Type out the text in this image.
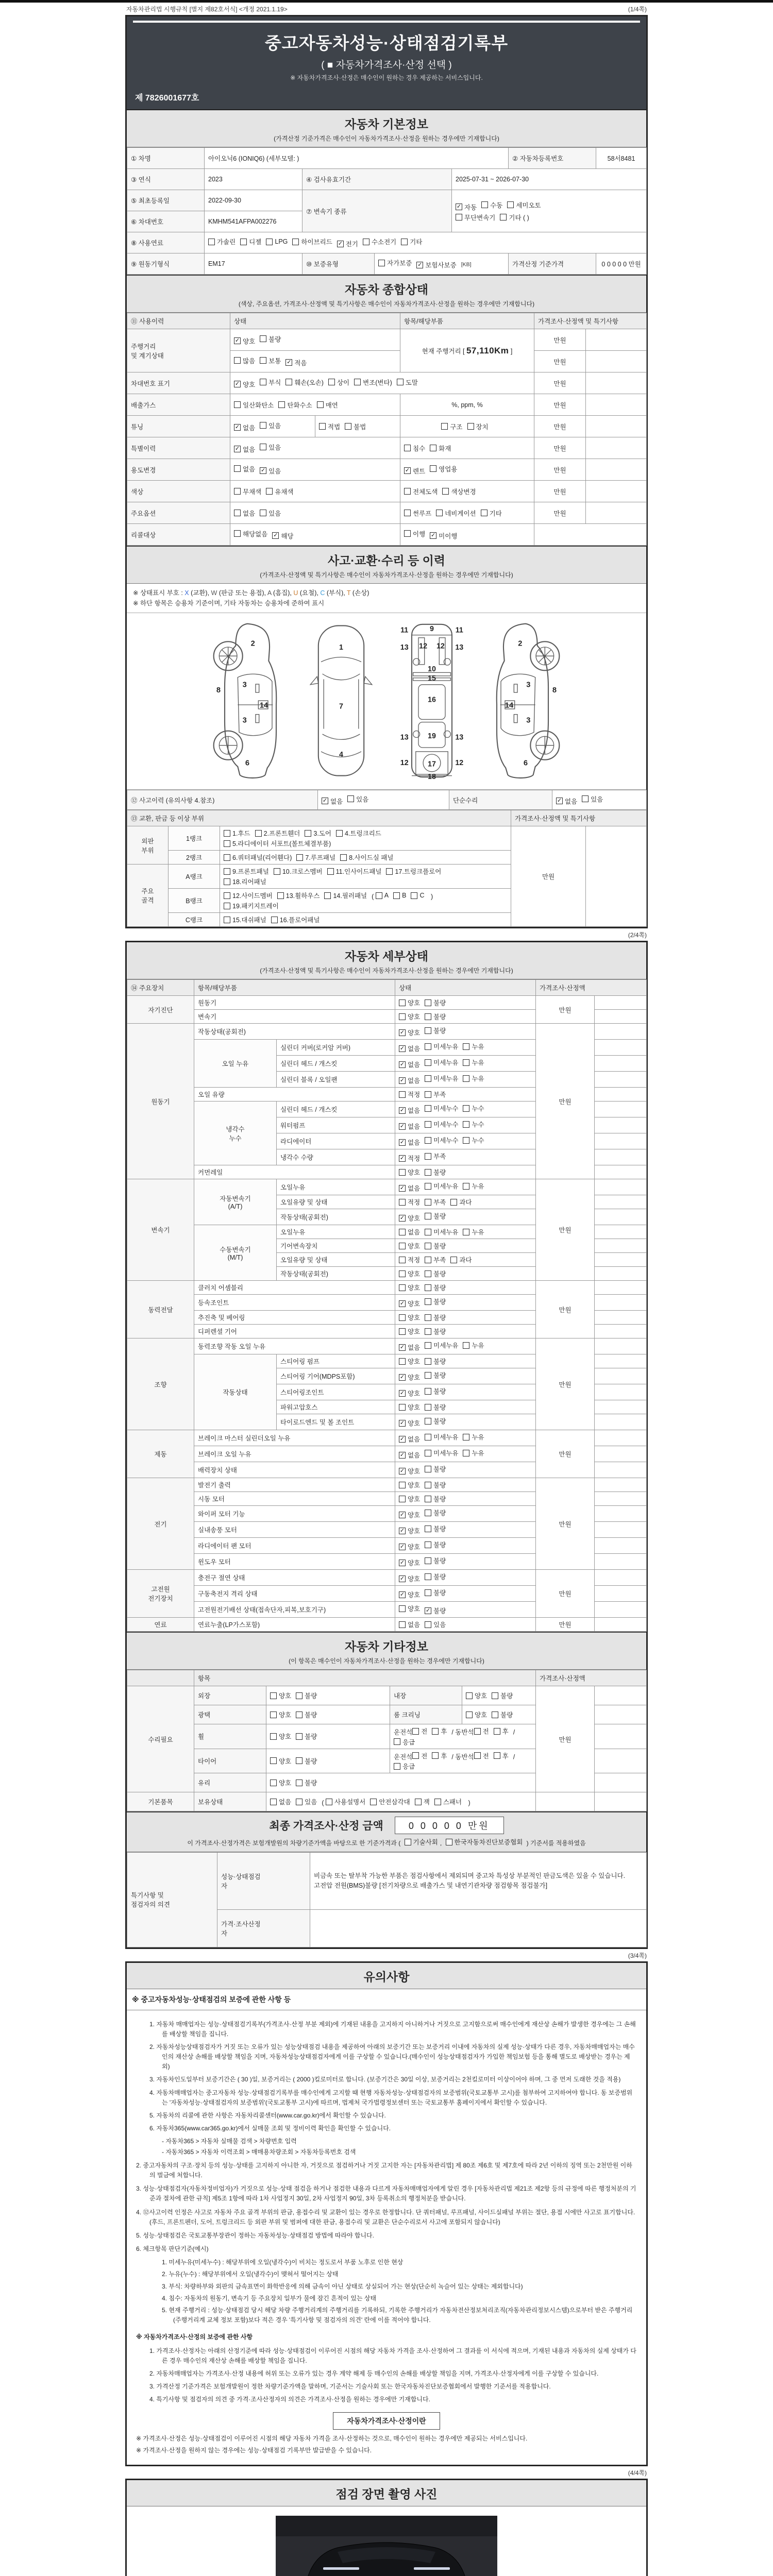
자동차관리법 시행규칙 [별지 제82호서식] <개정 2021.1.19>	(1/4쪽)
중고자동차성능·상태점검기록부
( ■ 자동차가격조사·산정 선택 )
※ 자동차가격조사·산정은 매수인이 원하는 경우 제공하는 서비스입니다.
제 7826001677호
자동차 기본정보
(가격산정 기준가격은 매수인이 자동차가격조사·산정을 원하는 경우에만 기재합니다)
① 차명	아이오닉6 (IONIQ6) (세부모델: )				② 자동차등록번호	58서8481
③ 연식	2023	④ 검사유효기간		2025-07-31 ~ 2026-07-30		
⑤ 최초등록일	2022-09-30	⑦ 변속기 종류	
✓ 자동 수동 세미오토

무단변속기 기타 ( )

⑥ 차대번호	KMHM541AFPA002276					
⑧ 사용연료	가솔린 디젤 LPG 하이브리드 ✓ 전기 수소전기 기타

⑨ 원동기형식	EM17	⑩ 보증유형	자가보증 ✓ 보험사보증 [KB]		가격산정 기준가격	0 0 0 0 0 만원
자동차 종합상태
(색상, 주요옵션, 가격조사·산정액 및 특기사항은 매수인이 자동차가격조사·산정을 원하는 경우에만 기재합니다)
⑪ 사용이력	상태		항목/해당부품	가격조사·산정액 및 특기사항	
주행거리
및 계기상태	✓ 양호 불량		현재 주행거리 [ 57,110Km ]	만원	

	많음 보통 ✓ 적음			만원	
차대번호 표기	✓ 양호 부식 훼손(오손) 상이 변조(변타) 도말	만원	
배출가스	일산화탄소 탄화수소 매연		%, ppm, %	만원	
튜닝	✓ 없음 있음	적법 불법	구조 장치	만원	
특별이력	✓ 없음 있음		침수 화재	만원	
용도변경	없음 ✓ 있음		✓ 렌트 영업용	만원	
색상	무채색 유채색		전체도색 색상변경	만원	
주요옵션	없음 있음		썬루프 네비게이션 기타	만원	
리콜대상	해당없음 ✓ 해당		이행 ✓ 미이행		

사고·교환·수리 등 이력
(가격조사·산정액 및 특기사항은 매수인이 자동차가격조사·산정을 원하는 경우에만 기재합니다)
※ 상태표시 부호 : X (교환), W (판금 또는 용접), A (흠집), U (요철), C (부식), T (손상)
※ 하단 항목은 승용차 기준이며, 기타 자동차는 승용차에 준하여 표시
2
8
3
3
14
6
1
7
4
11	9	11
13	13
12 12
10
15
16
13	19	13
12	17	12
18
2
8
3
3
14
6
⑫ 사고이력 (유의사항 4.참조)	✓ 없음 있음	단순수리	✓ 없음 있음
⑬ 교환, 판금 등 이상 부위			가격조사·산정액 및 특기사항	
외판
부위	1랭크	1.후드 2.프론트휀더 3.도어 4.트렁크리드

5.라디에이터 서포트(볼트체결부품)	만원	
	2랭크	6.쿼터패널(리어휀다) 7.루프패널 8.사이드실 패널		

주요
골격	A랭크	9.프론트패널 10.크로스멤버 11.인사이드패널 17.트렁크플로어

18.리어패널		

B랭크	
12.사이드멤버 13.휠하우스 14.필러패널 ( A B C )

19.패키지트레이

	C랭크	15.대쉬패널 16.플로어패널		
(2/4쪽)
자동차 세부상태
(가격조사·산정액 및 특기사항은 매수인이 자동차가격조사·산정을 원하는 경우에만 기재합니다)
⑭ 주요장치	항목/해당부품		상태	가격조사·산정액	
자기진단	원동기		양호 불량	만원	
	변속기		양호 불량		

원동기	작동상태(공회전)		✓ 양호 불량	만원	
	오일 누유	실린더 커버(로커암 커버)	✓ 없음 미세누유 누유		

		실린더 헤드 / 개스킷	✓ 없음 미세누유 누유		

		실린더 블록 / 오일팬	✓ 없음 미세누유 누유		

	오일 유량		적정 부족		

	냉각수
누수	실린더 헤드 / 개스킷	✓ 없음 미세누수 누수		

		워터펌프	✓ 없음 미세누수 누수		

		라디에이터	✓ 없음 미세누수 누수		

		냉각수 수량	✓ 적정 부족		

	커먼레일		양호 불량		

변속기	자동변속기
(A/T)	오일누유	✓ 없음 미세누유 누유	만원	
		오일유량 및 상태	적정 부족 과다		

		작동상태(공회전)	✓ 양호 불량		

	수동변속기
(M/T)	오일누유	없음 미세누유 누유		

		기어변속장치	양호 불량		

		오일유량 및 상태	적정 부족 과다		

		작동상태(공회전)	양호 불량		

동력전달	클러치 어셈블리		양호 불량	만원	
	등속조인트		✓ 양호 불량		

	추진축 및 베어링		양호 불량		

	디퍼렌셜 기어		양호 불량		

조향	동력조향 작동 오일 누유		✓ 없음 미세누유 누유	만원	
	작동상태	스티어링 펌프	양호 불량		

		스티어링 기어(MDPS포함)	✓ 양호 불량		

		스티어링조인트	✓ 양호 불량		

		파워고압호스	양호 불량		

		타이로드엔드 및 볼 조인트	✓ 양호 불량		

제동	브레이크 마스터 실린더오일 누유		✓ 없음 미세누유 누유	만원	
	브레이크 오일 누유		✓ 없음 미세누유 누유		

	배력장치 상태		✓ 양호 불량		

전기	발전기 출력		양호 불량	만원	
	시동 모터		양호 불량		

	와이퍼 모터 기능		✓ 양호 불량		

	실내송풍 모터		✓ 양호 불량		

	라디에이터 팬 모터		✓ 양호 불량		

	윈도우 모터		✓ 양호 불량		

고전원
전기장치	충전구 절연 상태		✓ 양호 불량	만원	
	구동축전지 격리 상태		✓ 양호 불량		

	고전원전기배선 상태(접속단자,피복,보호기구)		양호 ✓ 불량		

연료	연료누출(LP가스포함)		없음 있음	만원	
자동차 기타정보
(이 항목은 매수인이 자동차가격조사·산정을 원하는 경우에만 기재합니다)
	항목				가격조사·산정액	
수리필요	외장	양호 불량	내장	양호 불량	만원	
	광택	양호 불량	룸 크리닝	양호 불량		

휠	양호 불량
	운전석 전 후 / 동반석 전 후 /
응급

타이어	양호 불량
	운전석 전 후 / 동반석 전 후 /
응급

	유리	양호 불량				

기본품목	보유상태	없음 있음 ( 사용설명서 안전삼각대 잭 스패너 )		
최종 가격조사·산정 금액	0 0 0 0 0 만원
이 가격조사·산정가격은 보험개발원의 차량기준가액을 바탕으로 한 기준가격과 ( 기술사회 , 한국자동차진단보증협회 ) 기준서를 적용하였음
특기사항 및
점검자의 의견	성능·상태점검
자	비금속 또는 탈부착 가능한 부품은 점검사항에서 제외되며 중고차 특성상 부분적인 판금도색은 있을 수 있습니다. 고전압 전원(BMS)불량 [전기차량으로 배출가스 및 내연기관차량 점검항목 점검불가]
	가격·조사산정
자	
(3/4쪽)
유의사항
※ 중고자동차성능·상태점검의 보증에 관한 사항 등
1. 자동차 매매업자는 성능·상태점검기록부(가격조사·산정 부분 제외)에 기재된 내용을 고지하지 아니하거나 거짓으로 고지함으로써 매수인에게 재산상 손해가 발생한 경우에는 그 손해를 배상할 책임을 집니다.
2. 자동차성능상태점검자가 거짓 또는 오류가 있는 성능상태점검 내용을 제공하여 아래의 보증기간 또는 보증거리 이내에 자동차의 실제 성능·상태가 다른 경우, 자동차매매업자는 매수인의 재산상 손해를 배상할 책임을 지며, 자동차성능상태점검자에게 이를 구상할 수 있습니다.(매수인이 성능상태점검자가 가입한 책임보험 등을 통해 별도로 배상받는 경우는 제외)
3. 자동차인도일부터 보증기간은 ( 30 )일, 보증거리는 ( 2000 )킬로미터로 합니다. (보증기간은 30일 이상, 보증거리는 2천킬로미터 이상이어야 하며, 그 중 먼저 도래한 것을 적용)
4. 자동차매매업자는 중고자동차 성능·상태점검기록부를 매수인에게 고지할 때 현행 자동차성능·상태점검자의 보증범위(국토교통부 고시)를 첨부하여 고지하여야 합니다. 동 보증범위는 '자동차성능·상태점검자의 보증범위'(국토교통부 고시)에 따르며, 법제처 국가법령정보센터 또는 국토교통부 홈페이지에서 확인할 수 있습니다.
5. 자동차의 리콜에 관한 사항은 자동차리콜센터(www.car.go.kr)에서 확인할 수 있습니다.
6. 자동차365(www.car365.go.kr)에서 실매물 조회 및 정비이력 확인을 확인할 수 있습니다.
- 자동차365 > 자동차 실매물 검색 > 차량번호 입력
- 자동차365 > 자동차 이력조회 > 매매용차량조회 > 자동차등록번호 검색
2. 중고자동차의 구조·장치 등의 성능·상태를 고지하지 아니한 자, 거짓으로 점검하거나 거짓 고지한 자는 [자동차관리법] 제 80조 제6호 및 제7호에 따라 2년 이하의 징역 또는 2천만원 이하의 벌금에 처합니다.
3. 성능·상태점검자(자동차정비업자)가 거짓으로 성능·상태 점검을 하거나 점검한 내용과 다르게 자동차매매업자에게 알린 경우 [자동차관리법 제21조 제2항 등의 규정에 따른 행정처분의 기준과 절차에 관한 규칙] 제5조 1항에 따라 1차 사업정지 30일, 2차 사업정지 90일, 3차 등록취소의 행정처분을 받습니다.
4. ⑫사고이력 인정은 사고로 자동차 주요 골격 부위의 판금, 용접수리 및 교환이 있는 경우로 한정합니다. 단 쿼터패널, 루프패널, 사이드실패널 부위는 절단, 용접 시에만 사고로 표기합니다. (후드, 프론트펜더, 도어, 트렁크리드 등 외판 부위 및 범퍼에 대한 판금, 용접수리 및 교환은 단순수리로서 사고에 포함되지 않습니다)
5. 성능·상태점검은 국토교통부장관이 정하는 자동차성능·상태점검 방법에 따라야 합니다.
6. 체크항목 판단기준(예시)
1. 미세누유(미세누수) : 해당부위에 오일(냉각수)이 비치는 정도로서 부품 노후로 인한 현상
2. 누유(누수) : 해당부위에서 오일(냉각수)이 맺혀서 떨어지는 상태
3. 부식: 차량하부와 외판의 금속표면이 화학반응에 의해 금속이 아닌 상태로 상실되어 가는 현상(단순히 녹슬어 있는 상태는 제외합니다)
4. 침수: 자동차의 원동기, 변속기 등 주요장치 일부가 물에 잠긴 흔적이 있는 상태
5. 현재 주행거리 : 성능·상태점검 당시 해당 차량 주행거리계의 주행거리를 기록하되, 기록한 주행거리가 자동차전산정보처리조직(자동차관리정보시스템)으로부터 받은 주행거리(주행거리계 교체 정보 포함)보다 적은 경우 '특기사항 및 점검자의 의견' 란에 이를 적어야 합니다.
※ 자동차가격조사·산정의 보증에 관한 사항
1. 가격조사·산정자는 아래의 산정기준에 따라 성능·상태점검이 이루어진 시점의 해당 자동차 가격을 조사·산정하여 그 결과를 이 서식에 적으며, 기재된 내용과 자동차의 실제 상태가 다른 경우 매수인의 재산상 손해를 배상할 책임을 집니다.
2. 자동차매매업자는 가격조사·산정 내용에 허위 또는 오류가 있는 경우 계약 해제 등 매수인의 손해를 배상할 책임을 지며, 가격조사·산정자에게 이를 구상할 수 있습니다.
3. 가격산정 기준가격은 보험개발원이 정한 차량기준가액을 말하며, 기준서는 기술사회 또는 한국자동차진단보증협회에서 발행한 기준서를 적용합니다.
4. 특기사항 및 점검자의 의견 중 가격·조사산정자의 의견은 가격조사·산정을 원하는 경우에만 기재합니다.
자동차가격조사·산정이란
※ 가격조사·산정은 성능·상태점검이 이루어진 시점의 해당 자동차 가격을 조사·산정하는 것으로, 매수인이 원하는 경우에만 제공되는 서비스입니다.
※ 가격조사·산정을 원하지 않는 경우에는 성능·상태점검 기록부만 발급받을 수 있습니다.
(4/4쪽)
점검 장면 촬영 사진
